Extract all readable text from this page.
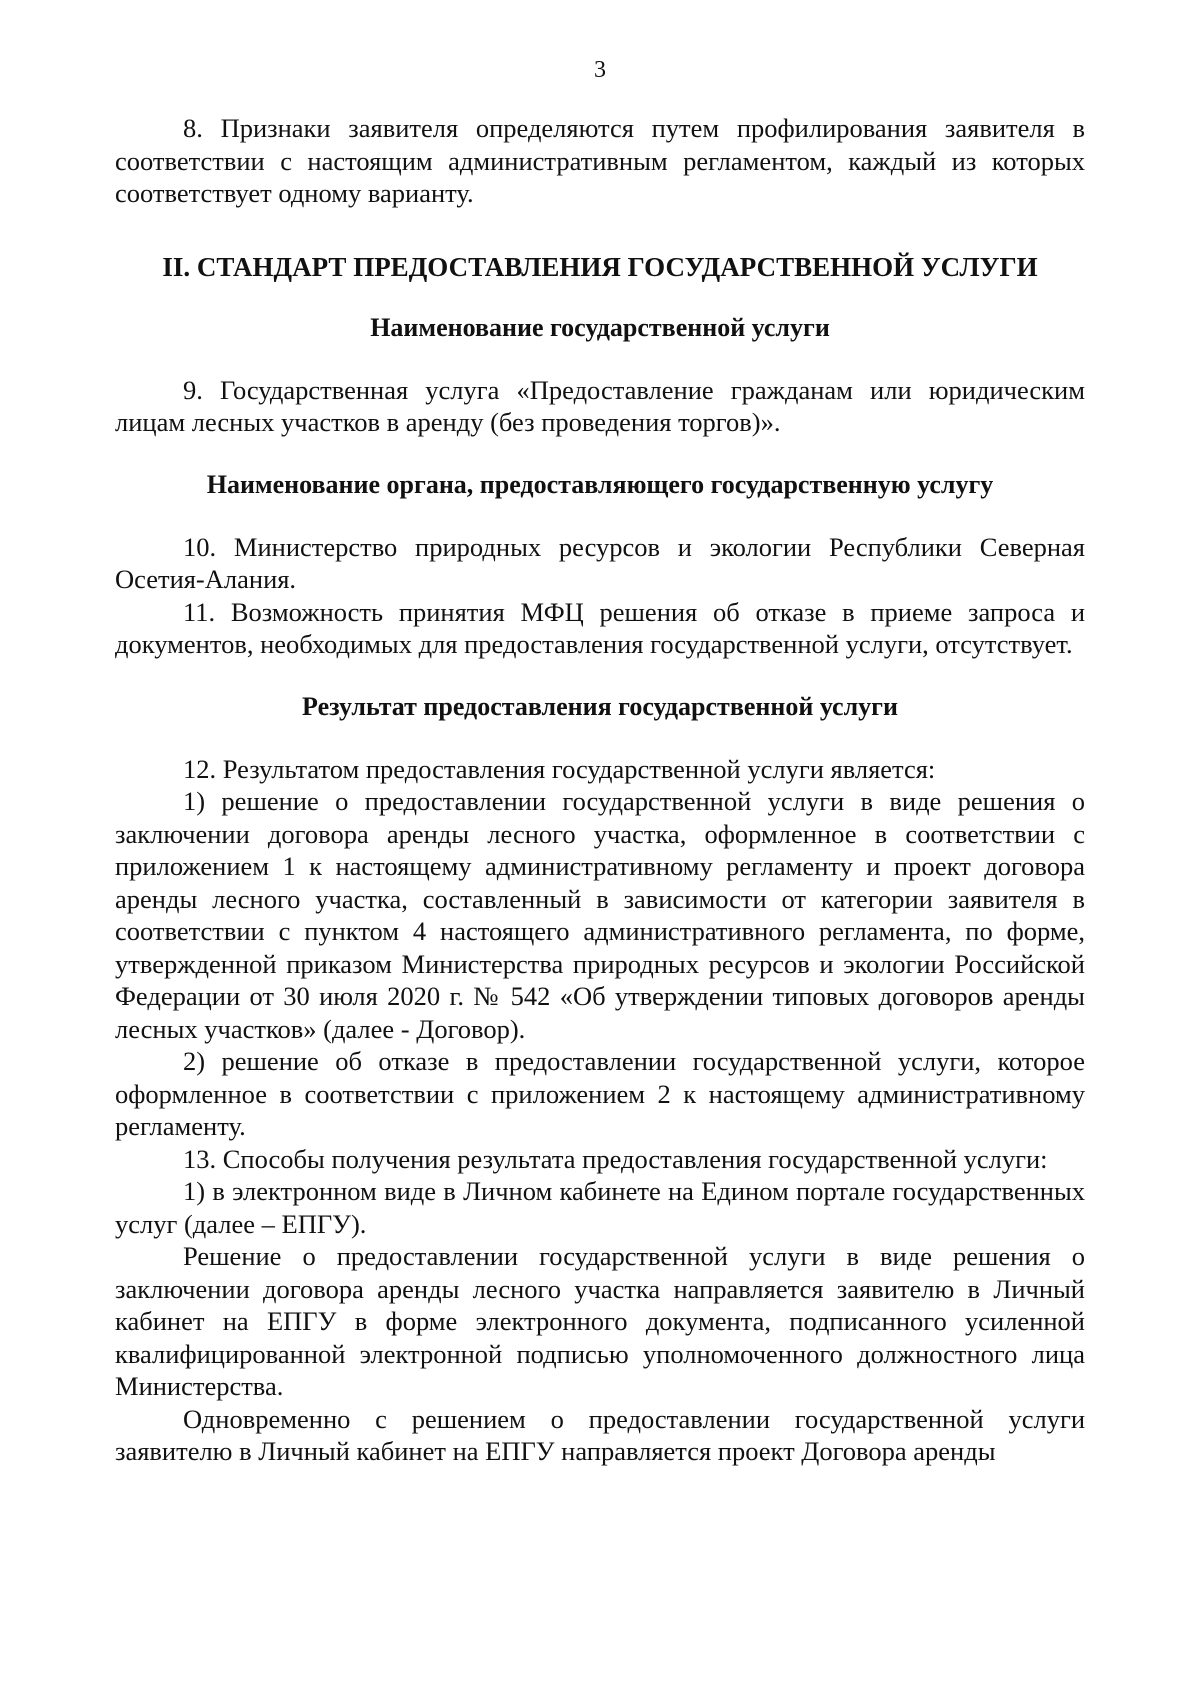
3

8. Признаки заявителя определяются путем профилирования заявителя в соответствии с настоящим административным регламентом, каждый из которых соответствует одному варианту.

II. СТАНДАРТ ПРЕДОСТАВЛЕНИЯ ГОСУДАРСТВЕННОЙ УСЛУГИ

Наименование государственной услуги

9. Государственная услуга «Предоставление гражданам или юридическим лицам лесных участков в аренду (без проведения торгов)».

Наименование органа, предоставляющего государственную услугу

10. Министерство природных ресурсов и экологии Республики Северная Осетия-Алания.

11. Возможность принятия МФЦ решения об отказе в приеме запроса и документов, необходимых для предоставления государственной услуги, отсутствует.

Результат предоставления государственной услуги

12. Результатом предоставления государственной услуги является:

1) решение о предоставлении государственной услуги в виде решения о заключении договора аренды лесного участка, оформленное в соответствии с приложением 1 к настоящему административному регламенту и проект договора аренды лесного участка, составленный в зависимости от категории заявителя в соответствии с пунктом 4 настоящего административного регламента, по форме, утвержденной приказом Министерства природных ресурсов и экологии Российской Федерации от 30 июля 2020 г. № 542 «Об утверждении типовых договоров аренды лесных участков» (далее - Договор).

2) решение об отказе в предоставлении государственной услуги, которое оформленное в соответствии с приложением 2 к настоящему административному регламенту.

13. Способы получения результата предоставления государственной услуги:

1) в электронном виде в Личном кабинете на Едином портале государственных услуг (далее – ЕПГУ).

Решение о предоставлении государственной услуги в виде решения о заключении договора аренды лесного участка направляется заявителю в Личный кабинет на ЕПГУ в форме электронного документа, подписанного усиленной квалифицированной электронной подписью уполномоченного должностного лица Министерства.

Одновременно с решением о предоставлении государственной услуги заявителю в Личный кабинет на ЕПГУ направляется проект Договора аренды
